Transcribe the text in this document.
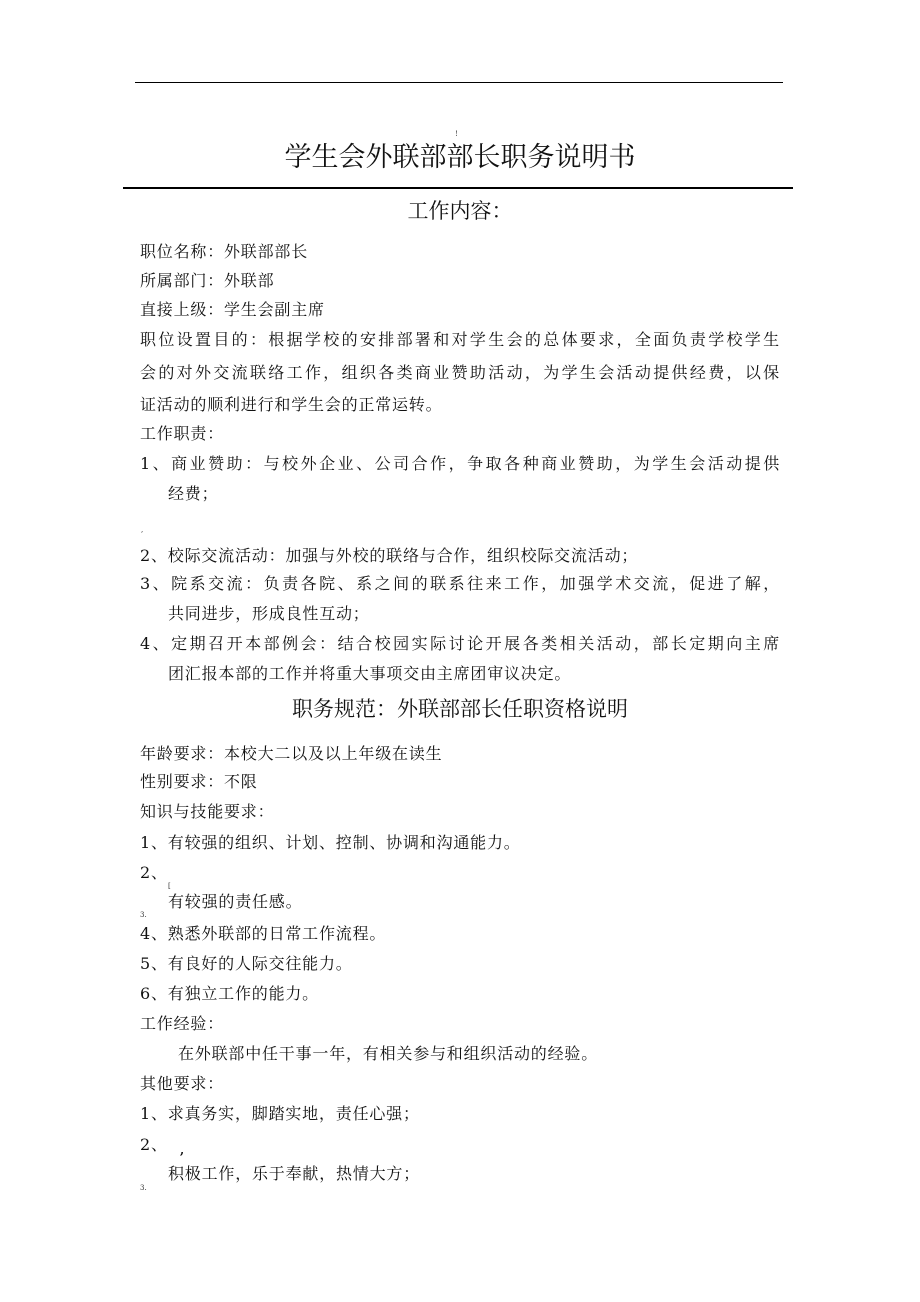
!
学生会外联部部长职务说明书
工作内容：
职位名称：外联部部长
所属部门：外联部
直接上级：学生会副主席
职位设置目的：根据学校的安排部署和对学生会的总体要求，全面负责学校学生
会的对外交流联络工作，组织各类商业赞助活动，为学生会活动提供经费，以保
证活动的顺利进行和学生会的正常运转。
工作职责：
1、商业赞助：与校外企业、公司合作，争取各种商业赞助，为学生会活动提供
经费；
,
2、校际交流活动：加强与外校的联络与合作，组织校际交流活动；
3、院系交流：负责各院、系之间的联系往来工作，加强学术交流，促进了解，
共同进步，形成良性互动；
4、定期召开本部例会：结合校园实际讨论开展各类相关活动，部长定期向主席
团汇报本部的工作并将重大事项交由主席团审议决定。
职务规范：外联部部长任职资格说明
年龄要求：本校大二以及以上年级在读生
性别要求：不限
知识与技能要求：
1、有较强的组织、计划、控制、协调和沟通能力。
2、
[
有较强的责任感。
3.
4、熟悉外联部的日常工作流程。
5、有良好的人际交往能力。
6、有独立工作的能力。
工作经验：
在外联部中任干事一年，有相关参与和组织活动的经验。
其他要求：
1、求真务实，脚踏实地，责任心强；
2、 ,
积极工作，乐于奉献，热情大方；
3.
